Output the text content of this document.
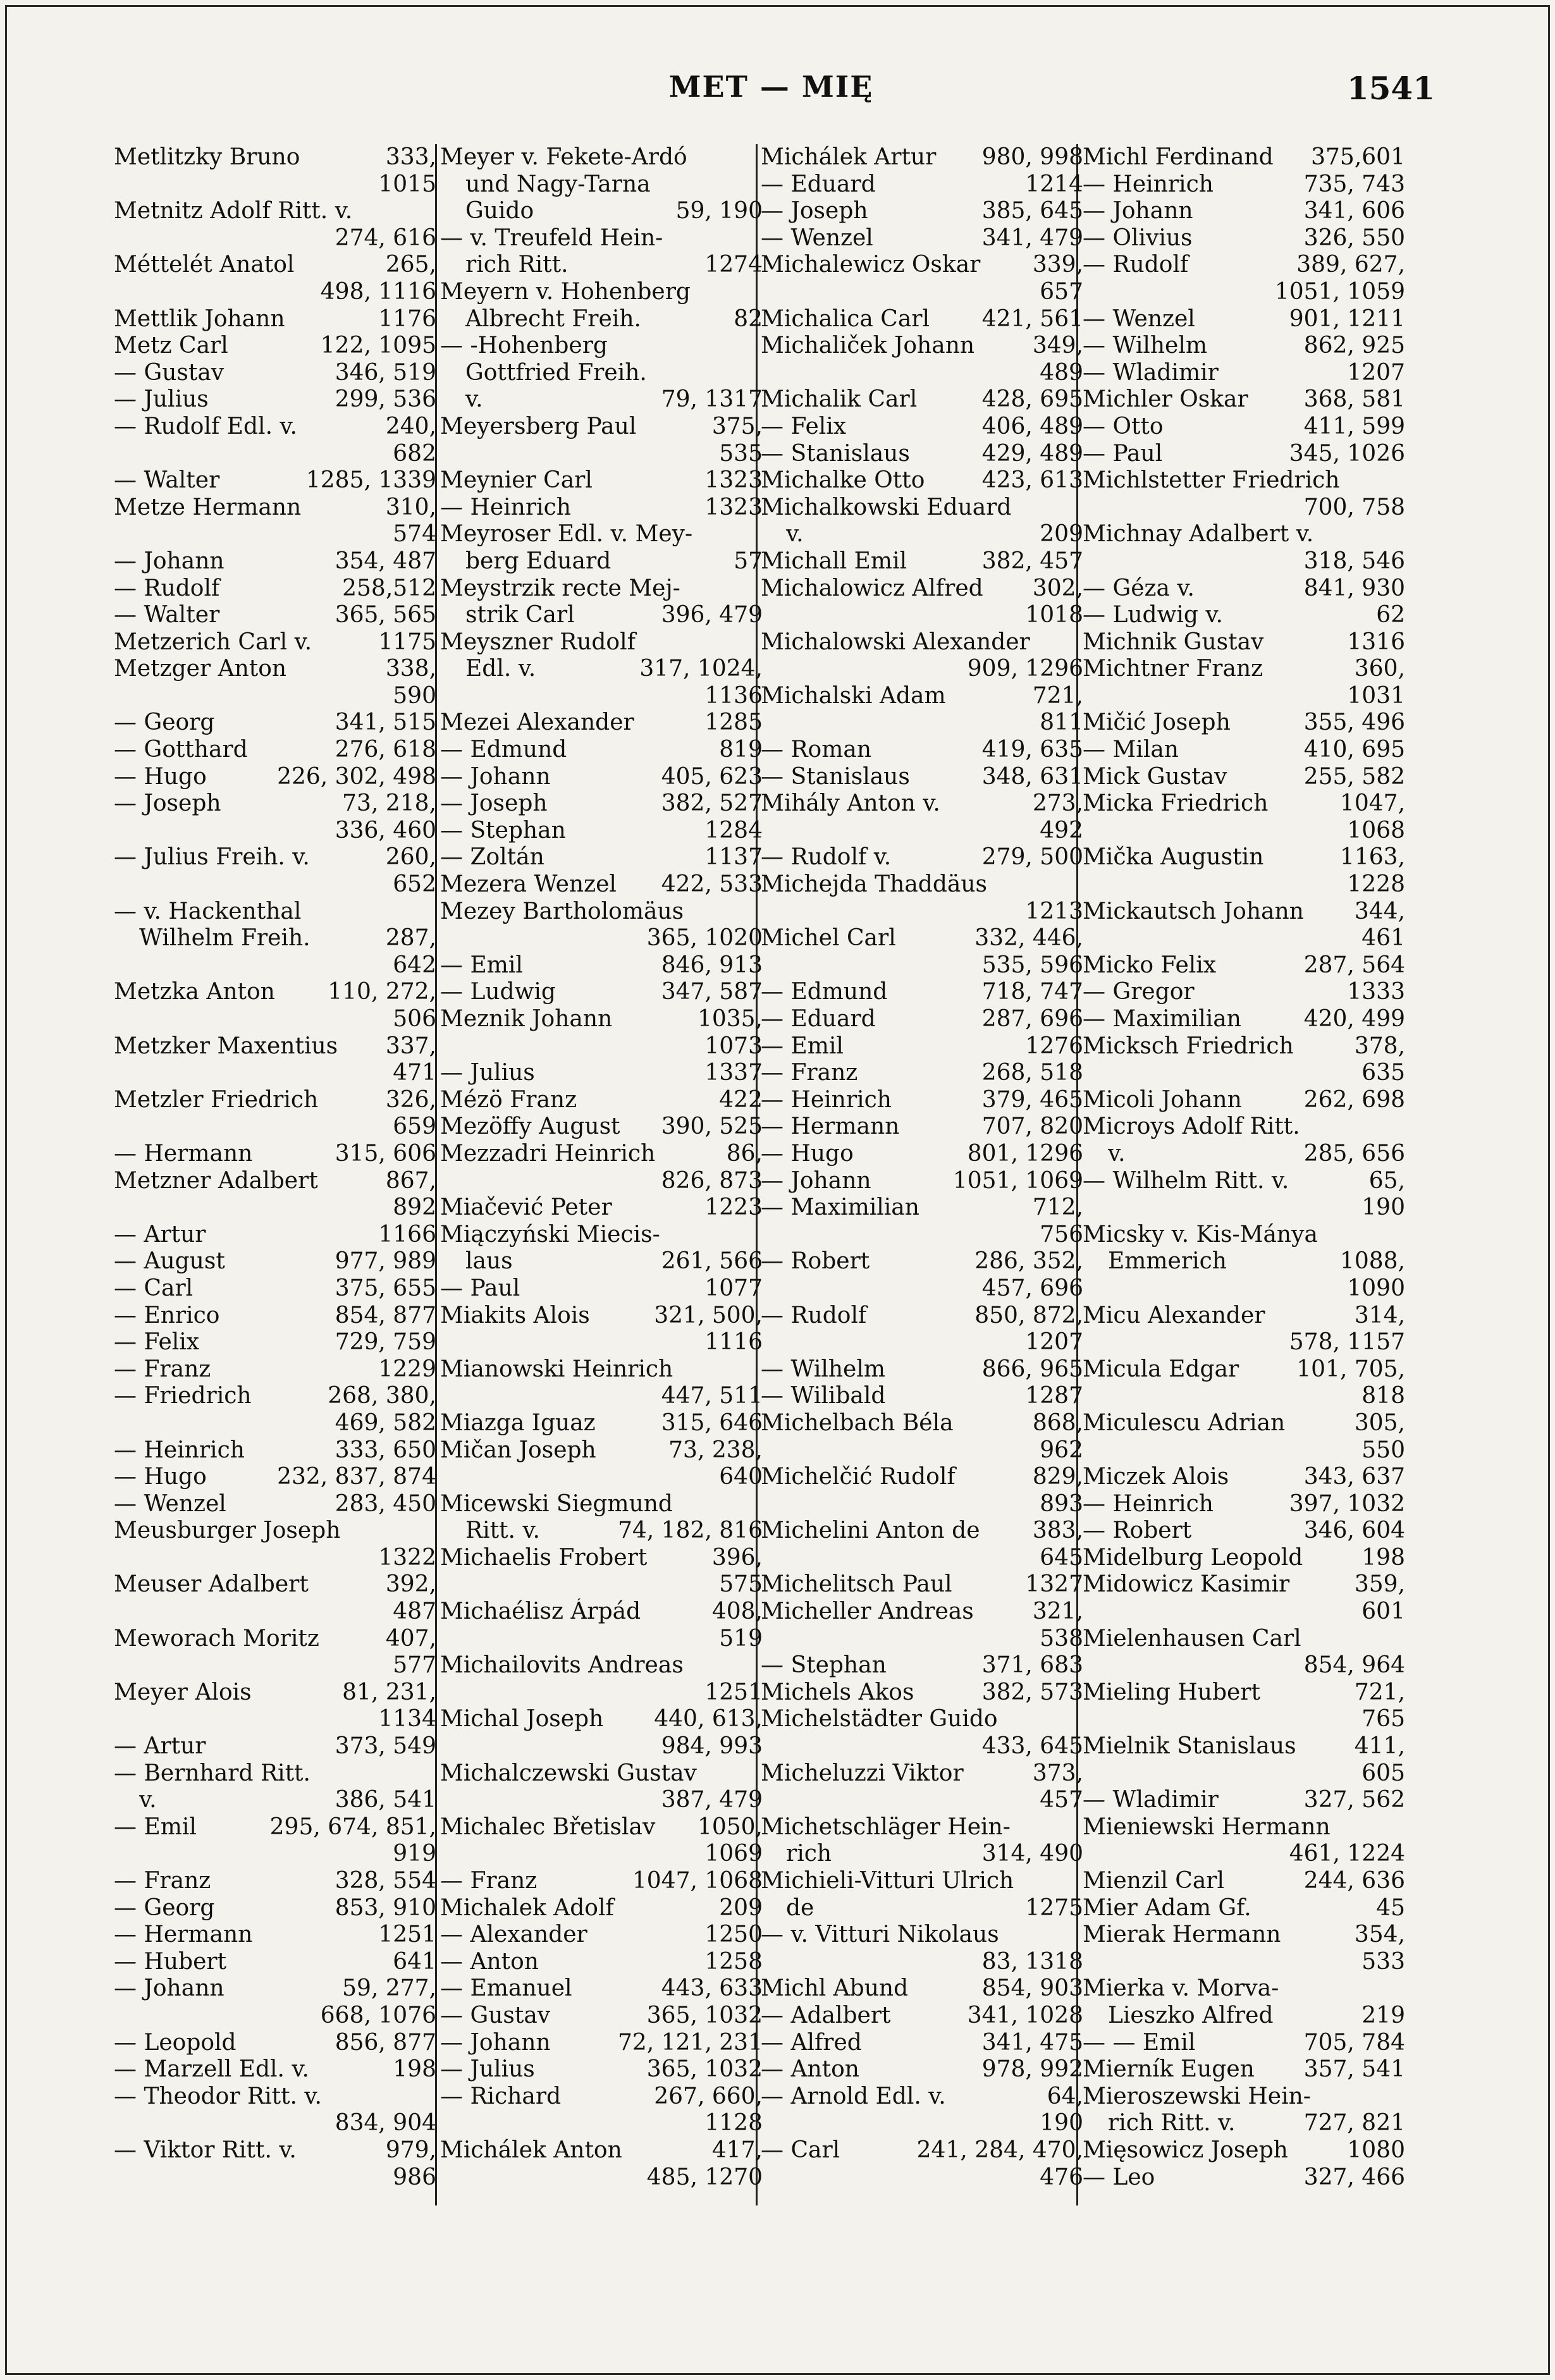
MET — MIĘ	1541
Metlitzky Bruno	333,
1015
Metnitz Adolf Ritt. v.
274, 616
Méttelét Anatol	265,
498, 1116
Mettlik Johann	1176
Metz Carl	122, 1095
— Gustav	346, 519
— Julius	299, 536
— Rudolf Edl. v.	240,
682
— Walter	1285, 1339
Metze Hermann	310,
574
— Johann	354, 487
— Rudolf	258,512
— Walter	365, 565
Metzerich Carl v.	1175
Metzger Anton	338,
590
— Georg	341, 515
— Gotthard	276, 618
— Hugo	226, 302, 498
— Joseph	73, 218,
336, 460
— Julius Freih. v.	260,
652
— v. Hackenthal
Wilhelm Freih.	287,
642
Metzka Anton	110, 272,
506
Metzker Maxentius	337,
471
Metzler Friedrich	326,
659
— Hermann	315, 606
Metzner Adalbert	867,
892
— Artur	1166
— August	977, 989
— Carl	375, 655
— Enrico	854, 877
— Felix	729, 759
— Franz	1229
— Friedrich	268, 380,
469, 582
— Heinrich	333, 650
— Hugo	232, 837, 874
— Wenzel	283, 450
Meusburger Joseph
1322
Meuser Adalbert	392,
487
Meworach Moritz	407,
577
Meyer Alois	81, 231,
1134
— Artur	373, 549
— Bernhard Ritt.
v.	386, 541
— Emil	295, 674, 851,
919
— Franz	328, 554
— Georg	853, 910
— Hermann	1251
— Hubert	641
— Johann	59, 277,
668, 1076
— Leopold	856, 877
— Marzell Edl. v.	198
— Theodor Ritt. v.
834, 904
— Viktor Ritt. v.	979,
986
Meyer v. Fekete-Ardó
und Nagy-Tarna
Guido	59, 190
— v. Treufeld Hein-
rich Ritt.	1274
Meyern v. Hohenberg
Albrecht Freih.	82
— -Hohenberg
Gottfried Freih.
v.	79, 1317
Meyersberg Paul	375,
535
Meynier Carl	1323
— Heinrich	1323
Meyroser Edl. v. Mey-
berg Eduard	57
Meystrzik recte Mej-
strik Carl	396, 479
Meyszner Rudolf
Edl. v.	317, 1024,
1136
Mezei Alexander	1285
— Edmund	819
— Johann	405, 623
— Joseph	382, 527
— Stephan	1284
— Zoltán	1137
Mezera Wenzel	422, 533
Mezey Bartholomäus
365, 1020
— Emil	846, 913
— Ludwig	347, 587
Meznik Johann	1035,
1073
— Julius	1337
Mézö Franz	422
Mezöffy August	390, 525
Mezzadri Heinrich	86,
826, 873
Miačević Peter	1223
Miączyński Miecis-
laus	261, 566
— Paul	1077
Miakits Alois	321, 500,
1116
Mianowski Heinrich
447, 511
Miazga Iguaz	315, 646
Mičan Joseph	73, 238,
640
Micewski Siegmund
Ritt. v.	74, 182, 816
Michaelis Frobert	396,
575
Michaélisz Árpád	408,
519
Michailovits Andreas
1251
Michal Joseph	440, 613,
984, 993
Michalczewski Gustav
387, 479
Michalec Břetislav	1050,
1069
— Franz	1047, 1068
Michalek Adolf	209
— Alexander	1250
— Anton	1258
— Emanuel	443, 633
— Gustav	365, 1032
— Johann	72, 121, 231
— Julius	365, 1032
— Richard	267, 660,
1128
Michálek Anton	417,
485, 1270
Michálek Artur	980, 998
— Eduard	1214
— Joseph	385, 645
— Wenzel	341, 479
Michalewicz Oskar	339,
657
Michalica Carl	421, 561
Michaliček Johann	349,
489
Michalik Carl	428, 695
— Felix	406, 489
— Stanislaus	429, 489
Michalke Otto	423, 613
Michalkowski Eduard
v.	209
Michall Emil	382, 457
Michalowicz Alfred	302,
1018
Michalowski Alexander
909, 1296
Michalski Adam	721,
811
— Roman	419, 635
— Stanislaus	348, 631
Mihály Anton v.	273,
492
— Rudolf v.	279, 500
Michejda Thaddäus
1213
Michel Carl	332, 446,
535, 596
— Edmund	718, 747
— Eduard	287, 696
— Emil	1276
— Franz	268, 518
— Heinrich	379, 465
— Hermann	707, 820
— Hugo	801, 1296
— Johann	1051, 1069
— Maximilian	712,
756
— Robert	286, 352,
457, 696
— Rudolf	850, 872,
1207
— Wilhelm	866, 965
— Wilibald	1287
Michelbach Béla	868,
962
Michelčić Rudolf	829,
893
Michelini Anton de	383,
645
Michelitsch Paul	1327
Micheller Andreas	321,
538
— Stephan	371, 683
Michels Akos	382, 573
Michelstädter Guido
433, 645
Micheluzzi Viktor	373,
457
Michetschläger Hein-
rich	314, 490
Michieli-Vitturi Ulrich
de	1275
— v. Vitturi Nikolaus
83, 1318
Michl Abund	854, 903
— Adalbert	341, 1028
— Alfred	341, 475
— Anton	978, 992
— Arnold Edl. v.	64,
190
— Carl	241, 284, 470,
476
Michl Ferdinand	375,601
— Heinrich	735, 743
— Johann	341, 606
— Olivius	326, 550
— Rudolf	389, 627,
1051, 1059
— Wenzel	901, 1211
— Wilhelm	862, 925
— Wladimir	1207
Michler Oskar	368, 581
— Otto	411, 599
— Paul	345, 1026
Michlstetter Friedrich
700, 758
Michnay Adalbert v.
318, 546
— Géza v.	841, 930
— Ludwig v.	62
Michnik Gustav	1316
Michtner Franz	360,
1031
Mičić Joseph	355, 496
— Milan	410, 695
Mick Gustav	255, 582
Micka Friedrich	1047,
1068
Mička Augustin	1163,
1228
Mickautsch Johann	344,
461
Micko Felix	287, 564
— Gregor	1333
— Maximilian	420, 499
Micksch Friedrich	378,
635
Micoli Johann	262, 698
Microys Adolf Ritt.
v.	285, 656
— Wilhelm Ritt. v.	65,
190
Micsky v. Kis-Mánya
Emmerich	1088,
1090
Micu Alexander	314,
578, 1157
Micula Edgar	101, 705,
818
Miculescu Adrian	305,
550
Miczek Alois	343, 637
— Heinrich	397, 1032
— Robert	346, 604
Midelburg Leopold	198
Midowicz Kasimir	359,
601
Mielenhausen Carl
854, 964
Mieling Hubert	721,
765
Mielnik Stanislaus	411,
605
— Wladimir	327, 562
Mieniewski Hermann
461, 1224
Mienzil Carl	244, 636
Mier Adam Gf.	45
Mierak Hermann	354,
533
Mierka v. Morva-
Lieszko Alfred	219
— — Emil	705, 784
Mierník Eugen	357, 541
Mieroszewski Hein-
rich Ritt. v.	727, 821
Mięsowicz Joseph	1080
— Leo	327, 466
